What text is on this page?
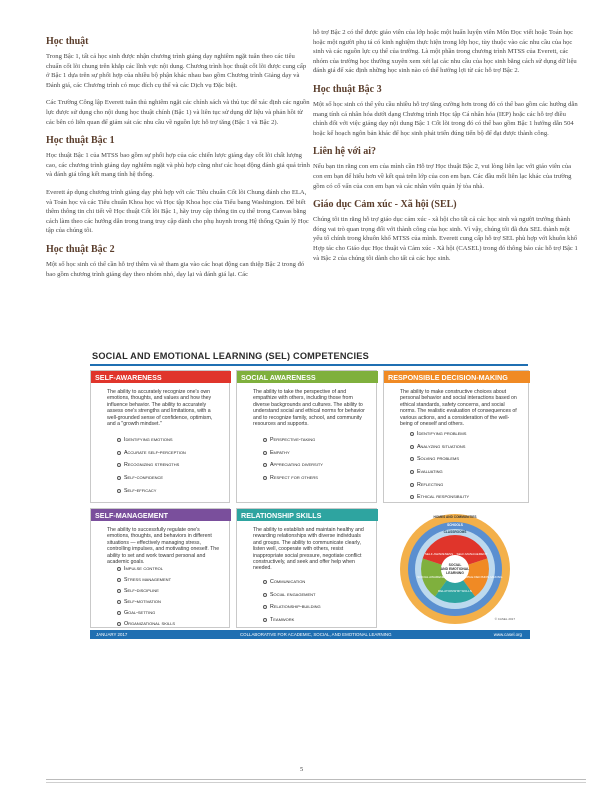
Học thuật

Trong Bậc 1, tất cả học sinh được nhận chương trình giảng dạy nghiêm ngặt tuân theo các tiêu chuẩn cốt lõi chung trên khắp các lĩnh vực nội dung. Chương trình học thuật cốt lõi được cung cấp ở Bậc 1 dựa trên sự phối hợp của nhiều bộ phận khác nhau bao gồm Chương trình Giảng dạy và Đánh giá, các Chương trình có mục đích cụ thể và các Dịch vụ Đặc biệt.

Các Trường Công lập Everett tuân thủ nghiêm ngặt các chính sách và thủ tục để xác định các nguồn lực được sử dụng cho nội dung học thuật chính (Bậc 1) và liên tục sử dụng dữ liệu và phản hồi từ các bên có liên quan để giảm sát các nhu cầu về nguồn lực hỗ trợ tăng (Bậc 1 và Bậc 2).

Học thuật Bậc 1

Học thuật Bậc 1 của MTSS bao gồm sự phối hợp của các chiến lược giảng dạy cốt lõi chất lượng cao, các chương trình giảng dạy nghiêm ngặt và phù hợp cũng như các hoạt động đánh giá quá trình và đánh giá tổng kết mang tính hệ thống.

Everett áp dụng chương trình giảng dạy phù hợp với các Tiêu chuẩn Cốt lõi Chung đánh cho ELA, và Toán học và các Tiêu chuẩn Khoa học và Học tập Khoa học của Tiểu bang Washington. Để biết thêm thông tin chi tiết về Học thuật Cốt lõi Bậc 1, hãy truy cập thông tin cụ thể trong Canvas bằng cách làm theo các hướng dẫn trong trang truy cập dành cho phụ huynh trong Hệ thống Quản lý Học tập của chúng tôi.

Học thuật Bậc 2

Một số học sinh có thể cần hỗ trợ thêm và sẽ tham gia vào các hoạt động can thiệp Bậc 2 trong đó bao gồm chương trình giảng dạy theo nhóm nhỏ, dạy lại và đánh giá lại. Các

hỗ trợ Bậc 2 có thể được giáo viên của lớp hoặc một huấn luyện viên Môn Đọc viết hoặc Toán học hoặc một người phụ tá có kinh nghiệm thực hiện trong lớp học, tùy thuộc vào các nhu cầu của học sinh và các nguồn lực cụ thể của trường. Là một phần trong chương trình MTSS của Everett, các nhóm của trường học thường xuyên xem xét lại các nhu cầu của học sinh bằng cách sử dụng dữ liệu đánh giá để xác định những học sinh nào có thể hưởng lợi từ các hỗ trợ Bậc 2.

Học thuật Bậc 3

Một số học sinh có thể yêu cầu nhiều hỗ trợ tăng cường hơn trong đó có thể bao gồm các hướng dẫn mang tính cá nhân hóa dưới dạng Chương trình Học tập Cá nhân hóa (IEP) hoặc các hỗ trợ điều chỉnh đối với việc giảng dạy nội dung Bậc 1 Cốt lõi trong đó có thể bao gồm Bậc 1 hướng dẫn 504 hoặc kế hoạch ngôn bản khác để học sinh phát triển đúng tiến bộ để đạt được thành công.

Liên hệ với ai?

Nếu bạn tin rằng con em của mình cần Hỗ trợ Học thuật Bậc 2, vui lòng liên lạc với giáo viên của con em bạn để hiểu hơn về kết quả trên lớp của con em bạn. Các đầu mối liên lạc khác của trường gồm có cố vấn của con em bạn và các nhân viên quản lý tòa nhà.

Giáo dục Cảm xúc - Xã hội (SEL)

Chúng tôi tin rằng hỗ trợ giáo dục cảm xúc - xã hội cho tất cả các học sinh và người trưởng thành đóng vai trò quan trọng đối với thành công của học sinh. Vì vậy, chúng tôi đã đưa SEL thành một yếu tố chính trong khuôn khổ MTSS của mình. Everett cung cấp hỗ trợ SEL phù hợp với khuôn khổ Hợp tác cho Giáo dục Học thuật và Cảm xúc - Xã hội (CASEL) trong đó thông báo các hỗ trợ Bậc 1 và Bậc 2 của chúng tôi dành cho tất cả các học sinh.

SOCIAL AND EMOTIONAL LEARNING (SEL) COMPETENCIES
SELF-AWARENESS
The ability to accurately recognize one's own emotions, thoughts, and values and how they influence behavior. The ability to accurately assess one's strengths and limitations, with a well-grounded sense of confidence, optimism, and a "growth mindset."
Identifying emotions
Accurate self-perception
Recognizing strengths
Self-confidence
Self-efficacy
SOCIAL AWARENESS
The ability to take the perspective of and empathize with others, including those from diverse backgrounds and cultures. The ability to understand social and ethical norms for behavior and to recognize family, school, and community resources and supports.
Perspective-taking
Empathy
Appreciating diversity
Respect for others
RESPONSIBLE DECISION-MAKING
The ability to make constructive choices about personal behavior and social interactions based on ethical standards, safety concerns, and social norms. The realistic evaluation of consequences of various actions, and a consideration of the well-being of oneself and others.
Identifying problems
Analyzing situations
Solving problems
Evaluating
Reflecting
Ethical responsibility
SELF-MANAGEMENT
The ability to successfully regulate one's emotions, thoughts, and behaviors in different situations — effectively managing stress, controlling impulses, and motivating oneself. The ability to set and work toward personal and academic goals.
Impulse control
Stress management
Self-discipline
Self-motivation
Goal-setting
Organizational skills
RELATIONSHIP SKILLS
The ability to establish and maintain healthy and rewarding relationships with diverse individuals and groups. The ability to communicate clearly, listen well, cooperate with others, resist inappropriate social pressure, negotiate conflict constructively, and seek and offer help when needed.
Communication
Social engagement
Relationship-building
Teamwork
SOCIAL
AND EMOTIONAL
LEARNING
SELF-AWARENESS SELF-MANAGEMENT
RESPONSIBLE DECISION-MAKING
RELATIONSHIP SKILLS
SOCIAL AWARENESS
HOMES AND COMMUNITIES
SCHOOLS
CLASSROOMS
© CASEL 2017
JANUARY 2017	COLLABORATIVE FOR ACADEMIC, SOCIAL, AND EMOTIONAL LEARNING	www.casel.org
5
